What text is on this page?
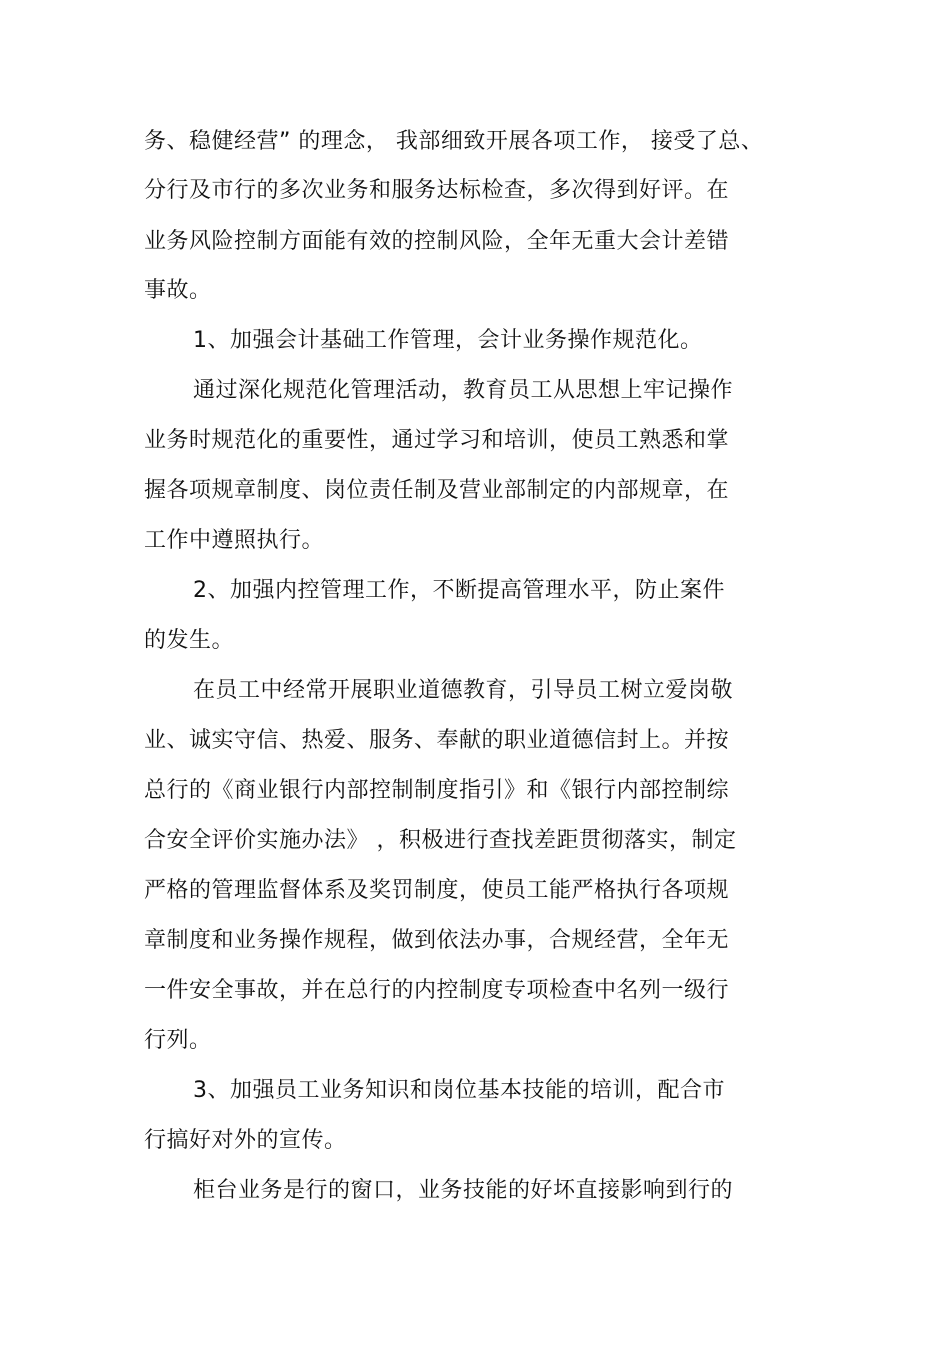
务、稳健经营” 的理念， 我部细致开展各项工作， 接受了总、
分行及市行的多次业务和服务达标检查，多次得到好评。在
业务风险控制方面能有效的控制风险，全年无重大会计差错
事故。
1、加强会计基础工作管理，会计业务操作规范化。
通过深化规范化管理活动，教育员工从思想上牢记操作
业务时规范化的重要性，通过学习和培训，使员工熟悉和掌
握各项规章制度、岗位责任制及营业部制定的内部规章，在
工作中遵照执行。
2、加强内控管理工作，不断提高管理水平，防止案件
的发生。
在员工中经常开展职业道德教育，引导员工树立爱岗敬
业、诚实守信、热爱、服务、奉献的职业道德信封上。并按
总行的《商业银行内部控制制度指引》和《银行内部控制综
合安全评价实施办法》 ，积极进行查找差距贯彻落实，制定
严格的管理监督体系及奖罚制度，使员工能严格执行各项规
章制度和业务操作规程，做到依法办事，合规经营，全年无
一件安全事故，并在总行的内控制度专项检查中名列一级行
行列。
3、加强员工业务知识和岗位基本技能的培训，配合市
行搞好对外的宣传。
柜台业务是行的窗口，业务技能的好坏直接影响到行的
